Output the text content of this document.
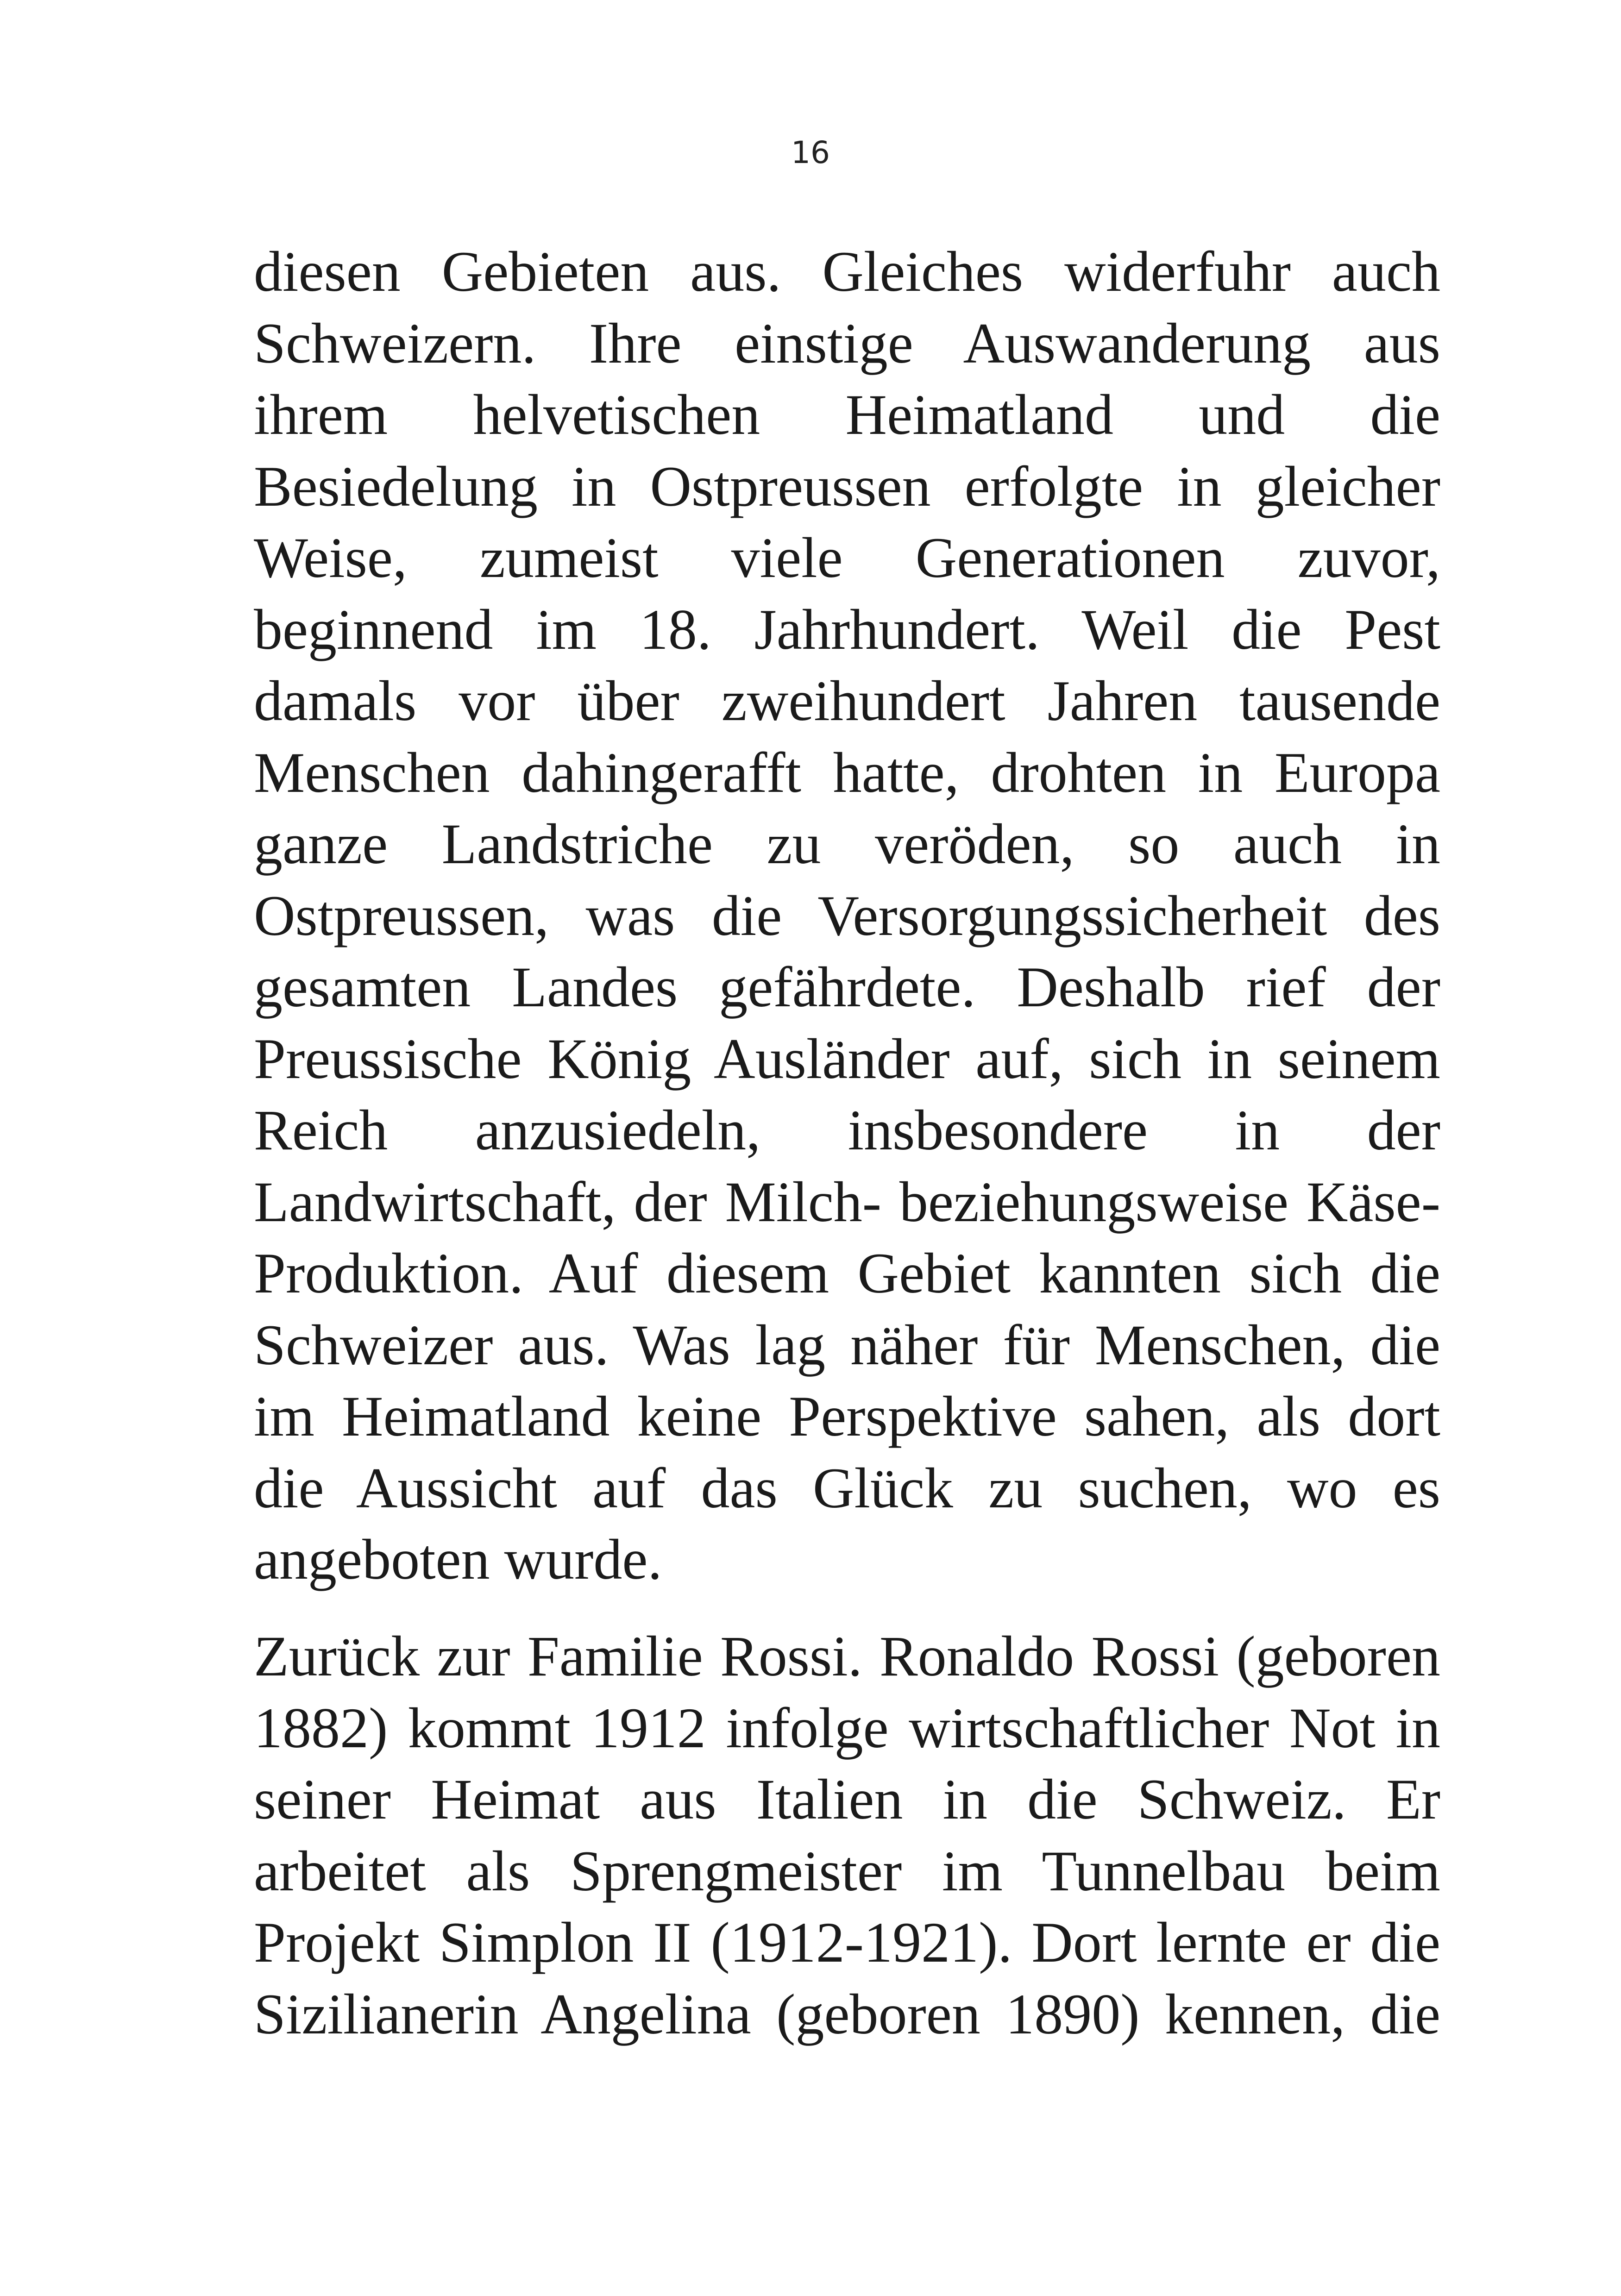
16
diesen Gebieten aus. Gleiches widerfuhr auch
Schweizern. Ihre einstige Auswanderung aus
ihrem helvetischen Heimatland und die
Besiedelung in Ostpreussen erfolgte in gleicher
Weise, zumeist viele Generationen zuvor,
beginnend im 18. Jahrhundert. Weil die Pest
damals vor über zweihundert Jahren tausende
Menschen dahingerafft hatte, drohten in Europa
ganze Landstriche zu veröden, so auch in
Ostpreussen, was die Versorgungssicherheit des
gesamten Landes gefährdete. Deshalb rief der
Preussische König Ausländer auf, sich in seinem
Reich anzusiedeln, insbesondere in der
Landwirtschaft, der Milch- beziehungsweise Käse-
Produktion. Auf diesem Gebiet kannten sich die
Schweizer aus. Was lag näher für Menschen, die
im Heimatland keine Perspektive sahen, als dort
die Aussicht auf das Glück zu suchen, wo es
angeboten wurde.
Zurück zur Familie Rossi. Ronaldo Rossi (geboren
1882) kommt 1912 infolge wirtschaftlicher Not in
seiner Heimat aus Italien in die Schweiz. Er
arbeitet als Sprengmeister im Tunnelbau beim
Projekt Simplon II (1912-1921). Dort lernte er die
Sizilianerin Angelina (geboren 1890) kennen, die
